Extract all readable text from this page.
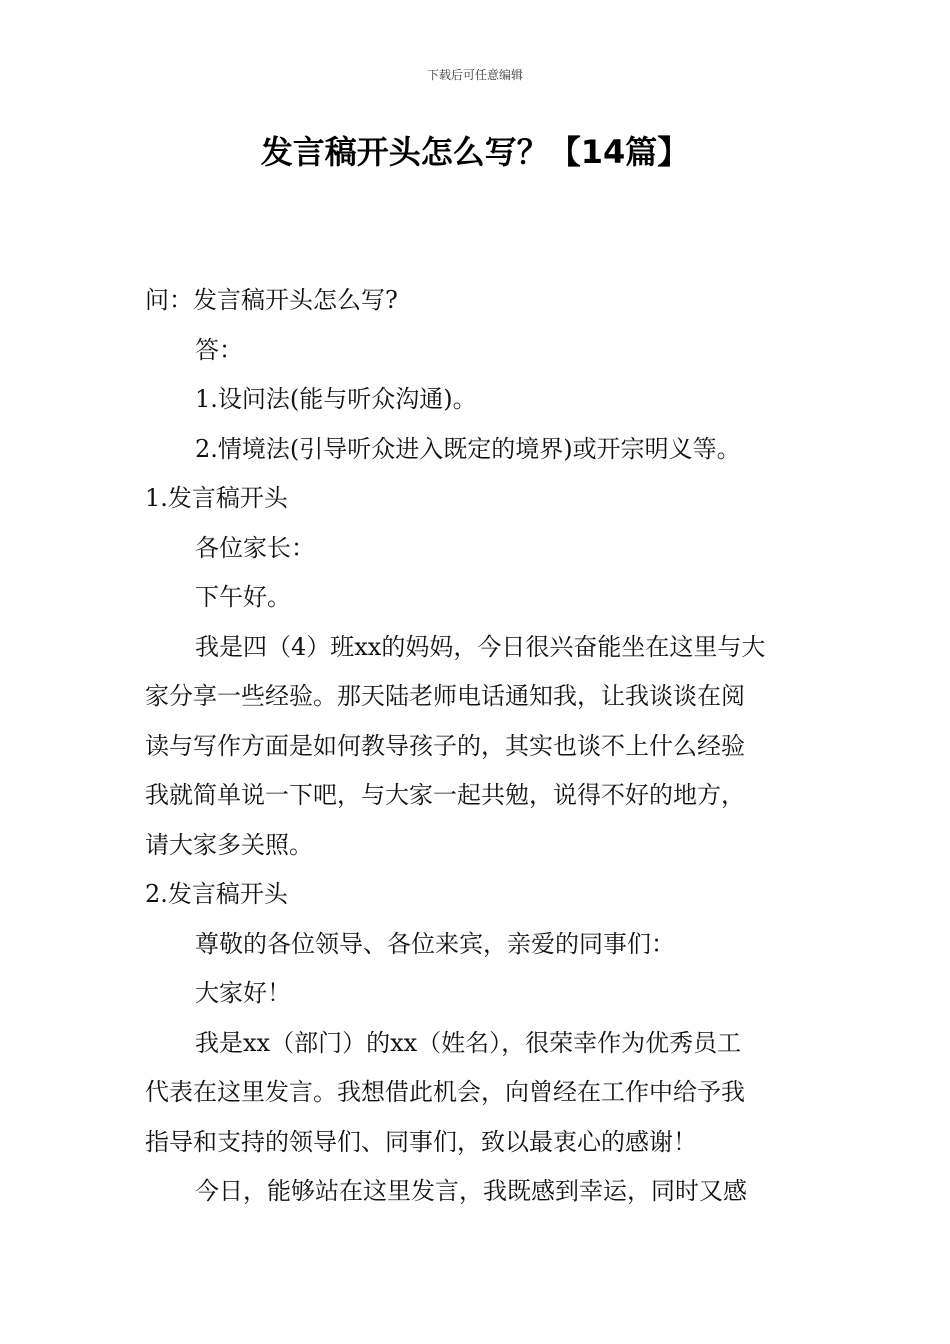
下载后可任意编辑
发言稿开头怎么写？【14篇】

问：发言稿开头怎么写?

答：

1.设问法(能与听众沟通)。

2.情境法(引导听众进入既定的境界)或开宗明义等。

1.发言稿开头

各位家长：

下午好。

我是四（4）班xx的妈妈，今日很兴奋能坐在这里与大

家分享一些经验。那天陆老师电话通知我，让我谈谈在阅

读与写作方面是如何教导孩子的，其实也谈不上什么经验

我就简单说一下吧，与大家一起共勉，说得不好的地方，

请大家多关照。

2.发言稿开头

尊敬的各位领导、各位来宾，亲爱的同事们：

大家好！

我是xx（部门）的xx（姓名），很荣幸作为优秀员工

代表在这里发言。我想借此机会，向曾经在工作中给予我

指导和支持的领导们、同事们，致以最衷心的感谢！

今日，能够站在这里发言，我既感到幸运，同时又感
